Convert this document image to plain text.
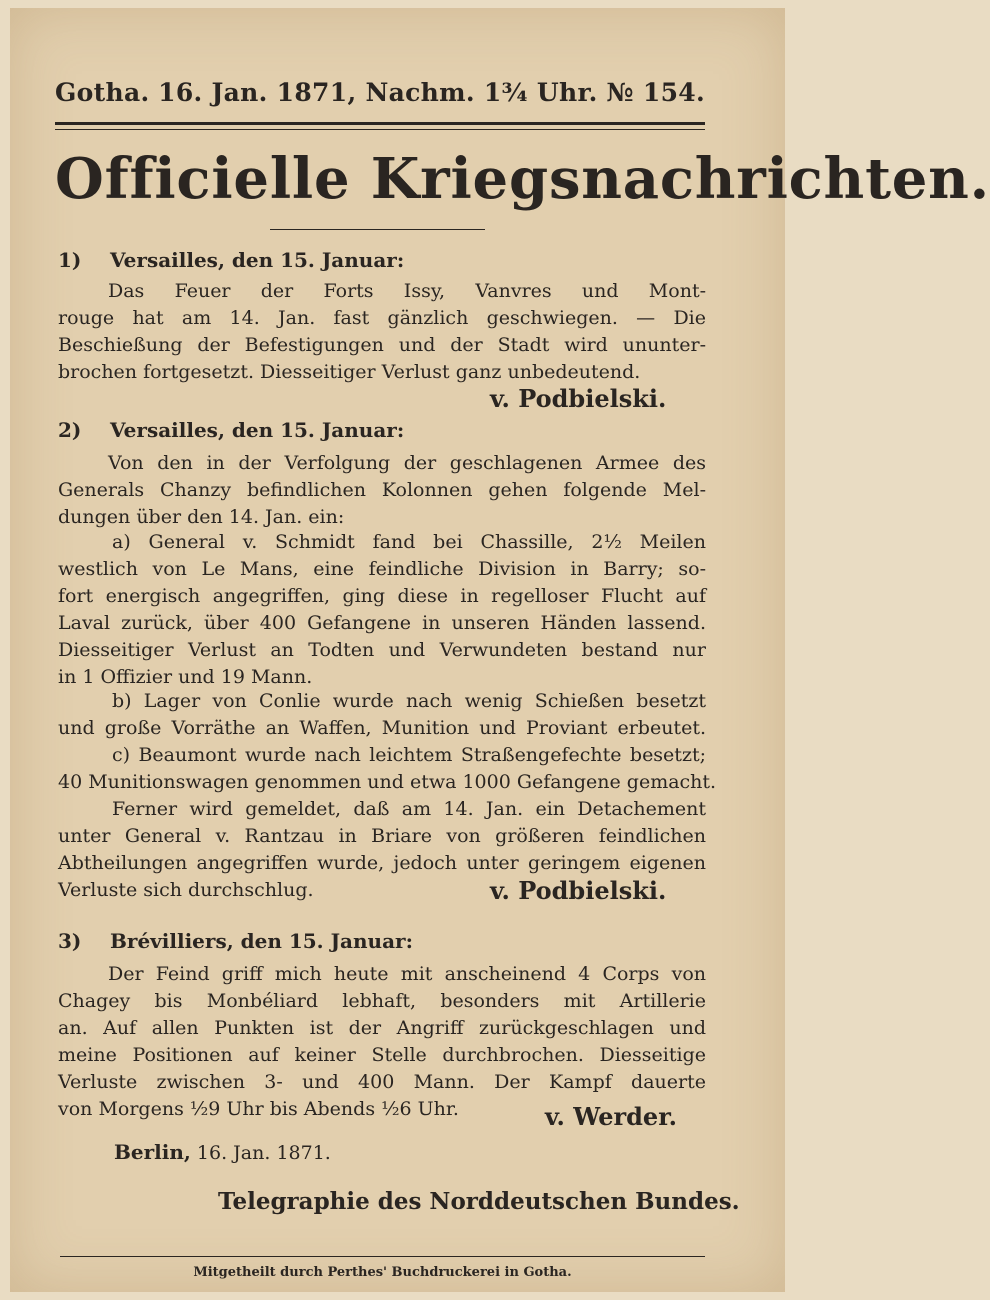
Gotha. 16. Jan. 1871, Nachm. 1¾ Uhr. № 154.
Officielle Kriegsnachrichten.
1) Versailles, den 15. Januar:
Das Feuer der Forts Issy, Vanvres und Mont-
rouge hat am 14. Jan. fast gänzlich geschwiegen. — Die
Beschießung der Befestigungen und der Stadt wird ununter-
brochen fortgesetzt. Diesseitiger Verlust ganz unbedeutend.
v. Podbielski.
2) Versailles, den 15. Januar:
Von den in der Verfolgung der geschlagenen Armee des
Generals Chanzy befindlichen Kolonnen gehen folgende Mel-
dungen über den 14. Jan. ein:
a) General v. Schmidt fand bei Chassille, 2½ Meilen
westlich von Le Mans, eine feindliche Division in Barry; so-
fort energisch angegriffen, ging diese in regelloser Flucht auf
Laval zurück, über 400 Gefangene in unseren Händen lassend.
Diesseitiger Verlust an Todten und Verwundeten bestand nur
in 1 Offizier und 19 Mann.
b) Lager von Conlie wurde nach wenig Schießen besetzt
und große Vorräthe an Waffen, Munition und Proviant erbeutet.
c) Beaumont wurde nach leichtem Straßengefechte besetzt;
40 Munitionswagen genommen und etwa 1000 Gefangene gemacht.
Ferner wird gemeldet, daß am 14. Jan. ein Detachement
unter General v. Rantzau in Briare von größeren feindlichen
Abtheilungen angegriffen wurde, jedoch unter geringem eigenen
Verluste sich durchschlug.	v. Podbielski.
3) Brévilliers, den 15. Januar:
Der Feind griff mich heute mit anscheinend 4 Corps von
Chagey bis Monbéliard lebhaft, besonders mit Artillerie
an. Auf allen Punkten ist der Angriff zurückgeschlagen und
meine Positionen auf keiner Stelle durchbrochen. Diesseitige
Verluste zwischen 3- und 400 Mann. Der Kampf dauerte
von Morgens ½9 Uhr bis Abends ½6 Uhr.	v. Werder.
Berlin, 16. Jan. 1871.
Telegraphie des Norddeutschen Bundes.
Mitgetheilt durch Perthes' Buchdruckerei in Gotha.
